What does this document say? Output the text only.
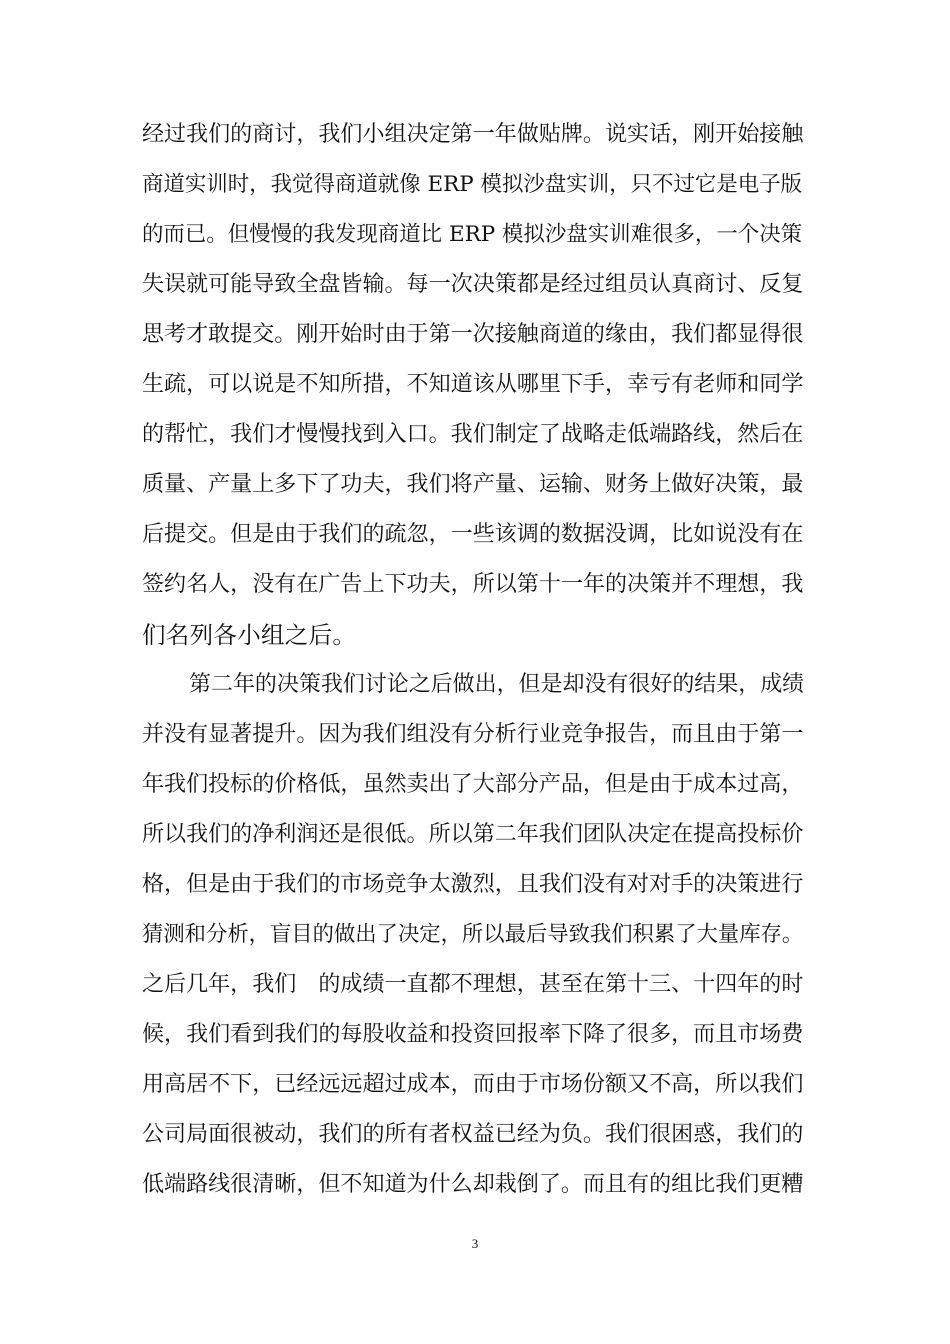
经过我们的商讨，我们小组决定第一年做贴牌。说实话，刚开始接触
商道实训时，我觉得商道就像 ERP 模拟沙盘实训，只不过它是电子版
的而已。但慢慢的我发现商道比 ERP 模拟沙盘实训难很多，一个决策
失误就可能导致全盘皆输。每一次决策都是经过组员认真商讨、反复
思考才敢提交。刚开始时由于第一次接触商道的缘由，我们都显得很
生疏，可以说是不知所措，不知道该从哪里下手，幸亏有老师和同学
的帮忙，我们才慢慢找到入口。我们制定了战略走低端路线，然后在
质量、产量上多下了功夫，我们将产量、运输、财务上做好决策，最
后提交。但是由于我们的疏忽，一些该调的数据没调，比如说没有在
签约名人，没有在广告上下功夫，所以第十一年的决策并不理想，我
们名列各小组之后。
第二年的决策我们讨论之后做出，但是却没有很好的结果，成绩
并没有显著提升。因为我们组没有分析行业竞争报告，而且由于第一
年我们投标的价格低，虽然卖出了大部分产品，但是由于成本过高，
所以我们的净利润还是很低。所以第二年我们团队决定在提高投标价
格，但是由于我们的市场竞争太激烈，且我们没有对对手的决策进行
猜测和分析，盲目的做出了决定，所以最后导致我们积累了大量库存。
之后几年，我们　的成绩一直都不理想，甚至在第十三、十四年的时
候，我们看到我们的每股收益和投资回报率下降了很多，而且市场费
用高居不下，已经远远超过成本，而由于市场份额又不高，所以我们
公司局面很被动，我们的所有者权益已经为负。我们很困惑，我们的
低端路线很清晰，但不知道为什么却栽倒了。而且有的组比我们更糟
3
